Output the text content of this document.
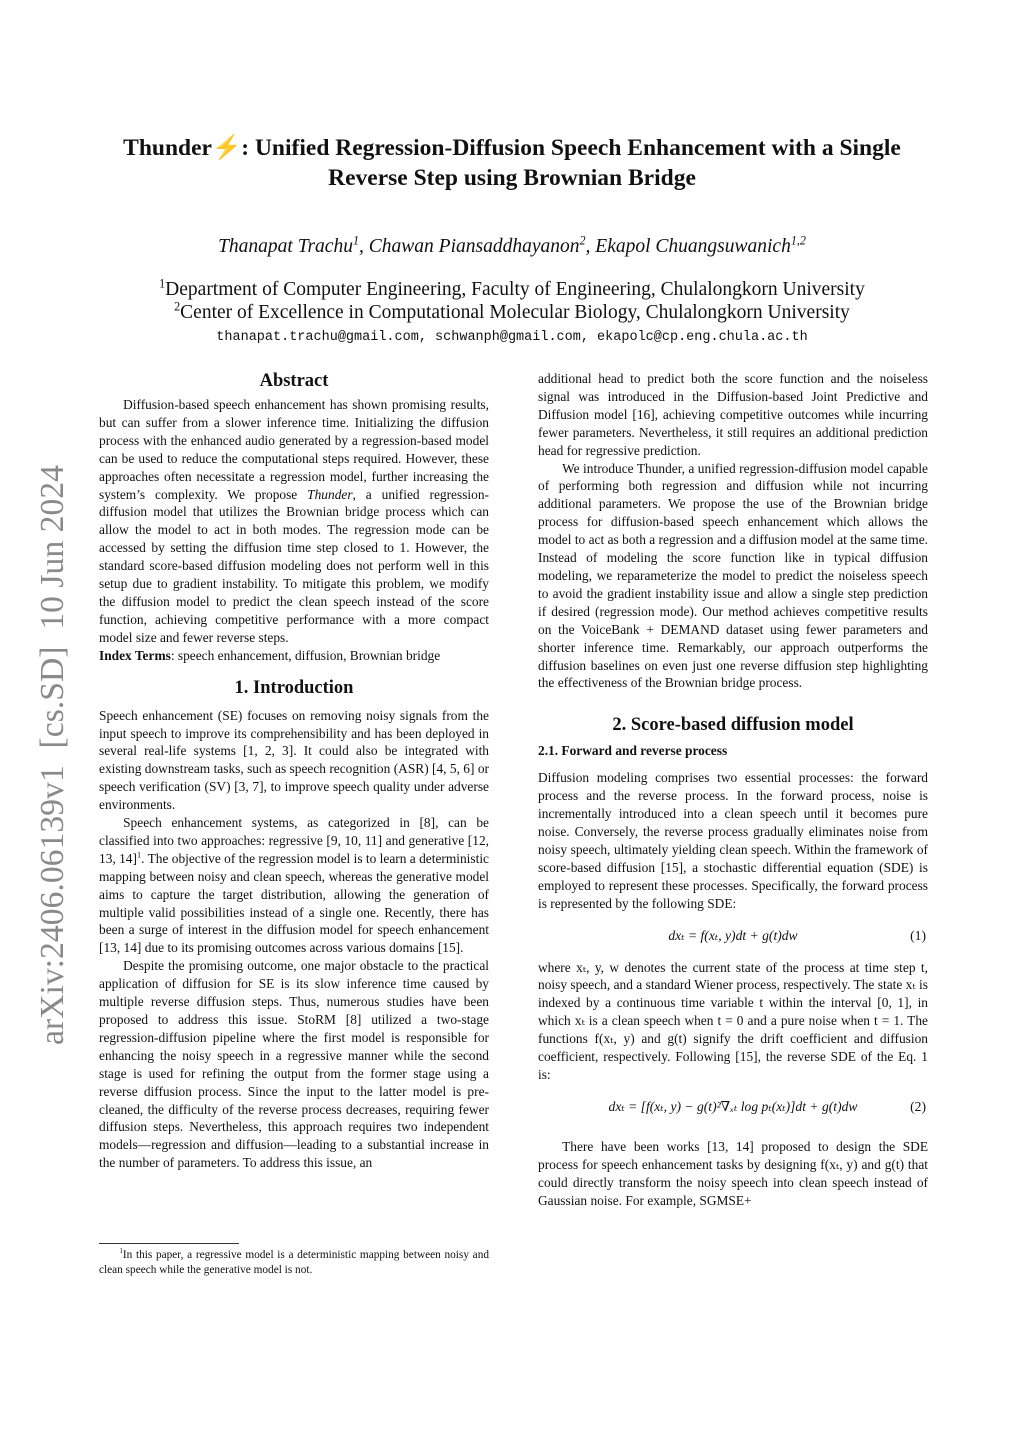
arXiv:2406.06139v1  [cs.SD]  10 Jun 2024
Thunder⚡: Unified Regression-Diffusion Speech Enhancement with a Single
Reverse Step using Brownian Bridge
Thanapat Trachu$^1$, Chawan Piansaddhayanon$^2$, Ekapol Chuangsuwanich$^{1,2}$
$^1$Department of Computer Engineering, Faculty of Engineering, Chulalongkorn University
$^2$Center of Excellence in Computational Molecular Biology, Chulalongkorn University
thanapat.trachu@gmail.com, schwanph@gmail.com, ekapolc@cp.eng.chula.ac.th
Abstract

Diffusion-based speech enhancement has shown promising results, but can suffer from a slower inference time. Initializing the diffusion process with the enhanced audio generated by a regression-based model can be used to reduce the computational steps required. However, these approaches often necessitate a regression model, further increasing the system’s complexity. We propose Thunder, a unified regression-diffusion model that utilizes the Brownian bridge process which can allow the model to act in both modes. The regression mode can be accessed by setting the diffusion time step closed to 1. However, the standard score-based diffusion modeling does not perform well in this setup due to gradient instability. To mitigate this problem, we modify the diffusion model to predict the clean speech instead of the score function, achieving competitive performance with a more compact model size and fewer reverse steps.

Index Terms: speech enhancement, diffusion, Brownian bridge

1. Introduction

Speech enhancement (SE) focuses on removing noisy signals from the input speech to improve its comprehensibility and has been deployed in several real-life systems [1, 2, 3]. It could also be integrated with existing downstream tasks, such as speech recognition (ASR) [4, 5, 6] or speech verification (SV) [3, 7], to improve speech quality under adverse environments.

Speech enhancement systems, as categorized in [8], can be classified into two approaches: regressive [9, 10, 11] and generative [12, 13, 14]$^1$. The objective of the regression model is to learn a deterministic mapping between noisy and clean speech, whereas the generative model aims to capture the target distribution, allowing the generation of multiple valid possibilities instead of a single one. Recently, there has been a surge of interest in the diffusion model for speech enhancement [13, 14] due to its promising outcomes across various domains [15].

Despite the promising outcome, one major obstacle to the practical application of diffusion for SE is its slow inference time caused by multiple reverse diffusion steps. Thus, numerous studies have been proposed to address this issue. StoRM [8] utilized a two-stage regression-diffusion pipeline where the first model is responsible for enhancing the noisy speech in a regressive manner while the second stage is used for refining the output from the former stage using a reverse diffusion process. Since the input to the latter model is pre-cleaned, the difficulty of the reverse process decreases, requiring fewer diffusion steps. Nevertheless, this approach requires two independent models—regression and diffusion—leading to a substantial increase in the number of parameters. To address this issue, an

$^1$In this paper, a regressive model is a deterministic mapping between noisy and clean speech while the generative model is not.

additional head to predict both the score function and the noiseless signal was introduced in the Diffusion-based Joint Predictive and Diffusion model [16], achieving competitive outcomes while incurring fewer parameters. Nevertheless, it still requires an additional prediction head for regressive prediction.

We introduce Thunder, a unified regression-diffusion model capable of performing both regression and diffusion while not incurring additional parameters. We propose the use of the Brownian bridge process for diffusion-based speech enhancement which allows the model to act as both a regression and a diffusion model at the same time. Instead of modeling the score function like in typical diffusion modeling, we reparameterize the model to predict the noiseless speech to avoid the gradient instability issue and allow a single step prediction if desired (regression mode). Our method achieves competitive results on the VoiceBank + DEMAND dataset using fewer parameters and shorter inference time. Remarkably, our approach outperforms the diffusion baselines on even just one reverse diffusion step highlighting the effectiveness of the Brownian bridge process.

2. Score-based diffusion model
2.1. Forward and reverse process

Diffusion modeling comprises two essential processes: the forward process and the reverse process. In the forward process, noise is incrementally introduced into a clean speech until it becomes pure noise. Conversely, the reverse process gradually eliminates noise from noisy speech, ultimately yielding clean speech. Within the framework of score-based diffusion [15], a stochastic differential equation (SDE) is employed to represent these processes. Specifically, the forward process is represented by the following SDE:

dxₜ = f(xₜ, y)dt + g(t)dw	(1)

where xₜ, y, w denotes the current state of the process at time step t, noisy speech, and a standard Wiener process, respectively. The state xₜ is indexed by a continuous time variable t within the interval [0, 1], in which xₜ is a clean speech when t = 0 and a pure noise when t = 1. The functions f(xₜ, y) and g(t) signify the drift coefficient and diffusion coefficient, respectively. Following [15], the reverse SDE of the Eq. 1 is:

dxₜ = [f(xₜ, y) − g(t)²∇ₓₜ log pₜ(xₜ)]dt + g(t)dw	(2)

There have been works [13, 14] proposed to design the SDE process for speech enhancement tasks by designing f(xₜ, y) and g(t) that could directly transform the noisy speech into clean speech instead of Gaussian noise. For example, SGMSE+
